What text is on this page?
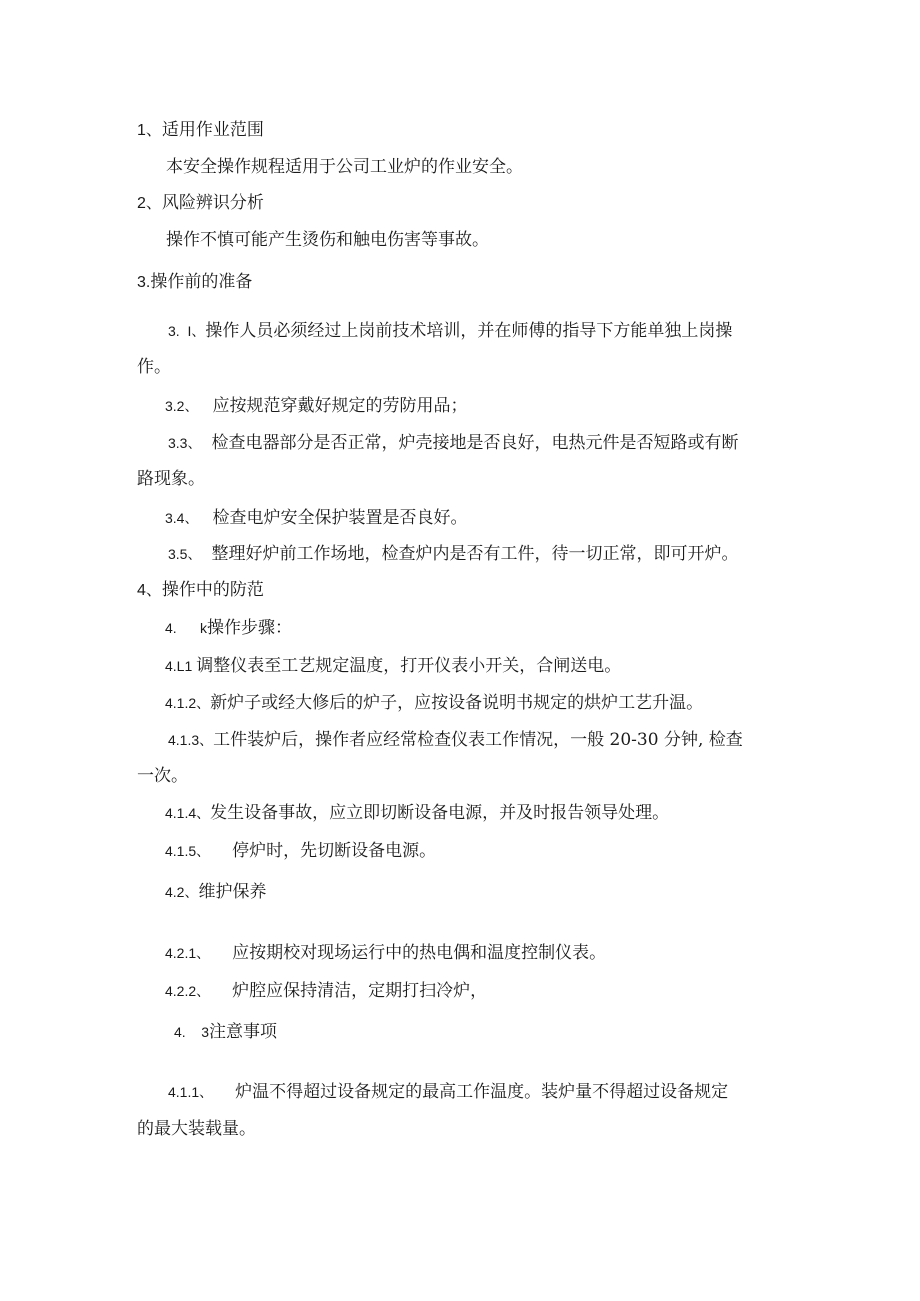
1、适用作业范围
本安全操作规程适用于公司工业炉的作业安全。
2、风险辨识分析
操作不慎可能产生烫伤和触电伤害等事故。
3.操作前的准备
3.  I、操作人员必须经过上岗前技术培训，并在师傅的指导下方能单独上岗操
作。
3.2、 应按规范穿戴好规定的劳防用品；
3.3、 检查电器部分是否正常，炉壳接地是否良好，电热元件是否短路或有断
路现象。
3.4、 检查电炉安全保护装置是否良好。
3.5、 整理好炉前工作场地，检查炉内是否有工件，待一切正常，即可开炉。
4、操作中的防范
4.      k操作步骤：
4.L1 调整仪表至工艺规定温度，打开仪表小开关，合闸送电。
4.1.2、新炉子或经大修后的炉子，应按设备说明书规定的烘炉工艺升温。
4.1.3、工件装炉后，操作者应经常检查仪表工作情况，一般 20-30 分钟, 检查
一次。
4.1.4、发生设备事故，应立即切断设备电源，并及时报告领导处理。
4.1.5、 停炉时，先切断设备电源。
4.2、维护保养
4.2.1、 应按期校对现场运行中的热电偶和温度控制仪表。
4.2.2、 炉腔应保持清洁，定期打扫冷炉，
4.    3注意事项
4.1.1、 炉温不得超过设备规定的最高工作温度。装炉量不得超过设备规定
的最大装载量。
